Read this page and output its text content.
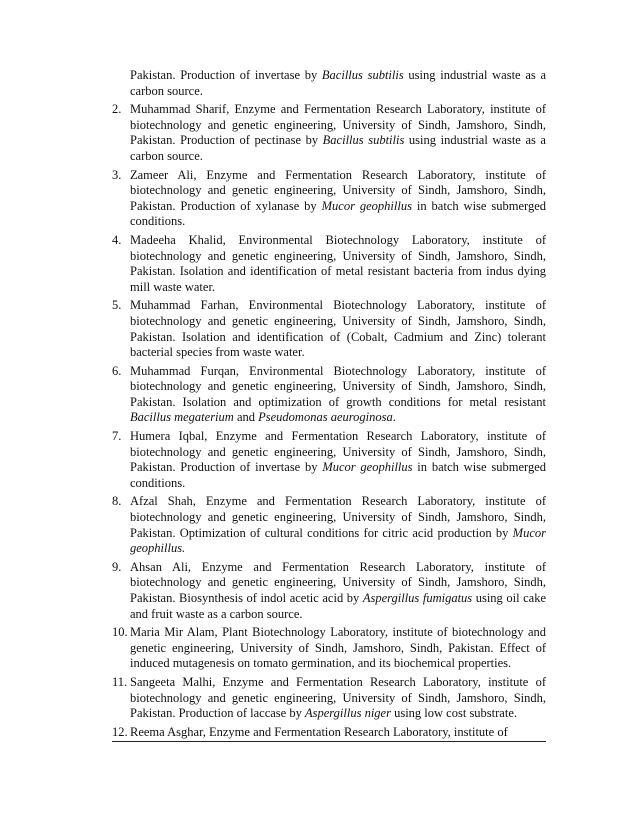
Pakistan. Production of invertase by Bacillus subtilis using industrial waste as a carbon source.
2. Muhammad Sharif, Enzyme and Fermentation Research Laboratory, institute of biotechnology and genetic engineering, University of Sindh, Jamshoro, Sindh, Pakistan. Production of pectinase by Bacillus subtilis using industrial waste as a carbon source.
3. Zameer Ali, Enzyme and Fermentation Research Laboratory, institute of biotechnology and genetic engineering, University of Sindh, Jamshoro, Sindh, Pakistan. Production of xylanase by Mucor geophillus in batch wise submerged conditions.
4. Madeeha Khalid, Environmental Biotechnology Laboratory, institute of biotechnology and genetic engineering, University of Sindh, Jamshoro, Sindh, Pakistan. Isolation and identification of metal resistant bacteria from indus dying mill waste water.
5. Muhammad Farhan, Environmental Biotechnology Laboratory, institute of biotechnology and genetic engineering, University of Sindh, Jamshoro, Sindh, Pakistan. Isolation and identification of (Cobalt, Cadmium and Zinc) tolerant bacterial species from waste water.
6. Muhammad Furqan, Environmental Biotechnology Laboratory, institute of biotechnology and genetic engineering, University of Sindh, Jamshoro, Sindh, Pakistan. Isolation and optimization of growth conditions for metal resistant Bacillus megaterium and Pseudomonas aeuroginosa.
7. Humera Iqbal, Enzyme and Fermentation Research Laboratory, institute of biotechnology and genetic engineering, University of Sindh, Jamshoro, Sindh, Pakistan. Production of invertase by Mucor geophillus in batch wise submerged conditions.
8. Afzal Shah, Enzyme and Fermentation Research Laboratory, institute of biotechnology and genetic engineering, University of Sindh, Jamshoro, Sindh, Pakistan. Optimization of cultural conditions for citric acid production by Mucor geophillus.
9. Ahsan Ali, Enzyme and Fermentation Research Laboratory, institute of biotechnology and genetic engineering, University of Sindh, Jamshoro, Sindh, Pakistan. Biosynthesis of indol acetic acid by Aspergillus fumigatus using oil cake and fruit waste as a carbon source.
10. Maria Mir Alam, Plant Biotechnology Laboratory, institute of biotechnology and genetic engineering, University of Sindh, Jamshoro, Sindh, Pakistan. Effect of induced mutagenesis on tomato germination, and its biochemical properties.
11. Sangeeta Malhi, Enzyme and Fermentation Research Laboratory, institute of biotechnology and genetic engineering, University of Sindh, Jamshoro, Sindh, Pakistan. Production of laccase by Aspergillus niger using low cost substrate.
12. Reema Asghar, Enzyme and Fermentation Research Laboratory, institute of
